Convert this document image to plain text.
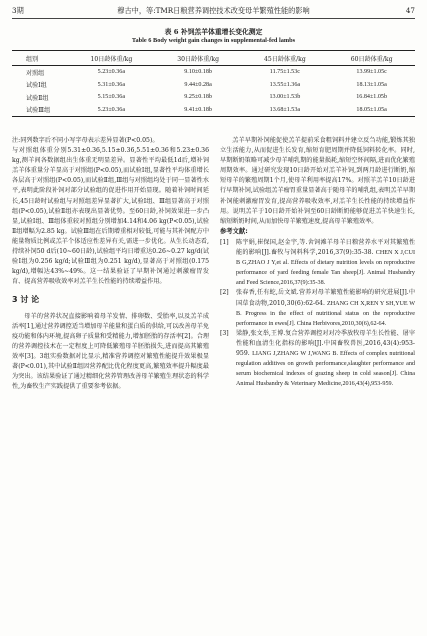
3期	穆古中，等:TMR日粮营养调控技术改变母羊繁殖性能的影响	47
表 6 补饲羔羊体重增长变化测定
Table 6 Body weight gain changes in supplemental-fed lambs
组别	10日龄体重/kg	30日龄体重/kg	45日龄体重/kg	60日龄体重/kg
对照组	5.23±0.36a	9.10±0.18b	11.75±1.53c	13.99±1.05c
试验Ⅰ组	5.31±0.36a	9.44±0.28a	13.55±1.36a	18.13±1.05a
试验Ⅱ组	5.15±0.36a	9.25±0.18b	13.00±1.53b	16.84±1.05b
试验Ⅲ组	5.23±0.36a	9.41±0.18b	13.68±1.53a	18.05±1.05a

注:同列数字后不同小写字母表示差异显著(P<0.05)。

与对照组体重分别5.31±0.36,5.15±0.36,5.51±0.36和5.23±0.36 kg,测羊间各数据组出生体重无明显差异。显著性平均最低1d后,增补饲羔羊体重量分羊显高于对照组(P<0.05),而试验Ⅰ组,显著性平均体重增长各层高于对照组(P<0.05),而试验Ⅱ组,Ⅲ组与对照组均处于同一显著性水平,表明此阶段补饲对部分试验组的促进作用开始显现。随着补饲时间延长,45日龄时试验组与对照组差异显著扩大,试验Ⅰ组、Ⅲ组显著高于对照组(P<0.05),试验Ⅱ组亦表现出显著优势。至60日龄,补饲效果进一步凸显,试验Ⅰ组、Ⅲ组体重较对照组分别增加4.14和4.06 kg(P<0.05),试验Ⅱ组增幅为2.85 kg。试验Ⅲ组在后期增重相对较低,可能与其补饲配方中能量物质比例或羔羊个体适应性差异有关,需进一步优化。从生长动态看,持续补饲50 d后(10~60日龄),试验组平均日增重达0.26~0.27 kg/d(试验Ⅰ组为0.256 kg/d;试验Ⅲ组为0.251 kg/d),显著高于对照组(0.175 kg/d),增幅达43%~49%。这一结果验证了早期补饲通过刺激瘤胃发育、提高营养吸收效率对羔羊生长性能的持续增益作用。

3 讨 论

母羊的营养状况直接影响着母羊发情、排卵数、受胎率,以及羔羊成活率[1],通过营养调控适当增加母羊能量和蛋白质的供给,可以改善母羊免疫功能和体内环境,提高卵子质量和受精能力,增加胚胎的存活率[2]。合理的营养调控技术在一定程度上可降低繁殖母羊胚胎损失,进而提高其繁殖效率[3]。3组实验数据对比显示,精准营养调控对繁殖性能提升效果极显著(P<0.01),其中试验Ⅱ组因营养配比优化程度更高,繁殖效率提升幅度最为突出。该结果验证了通过精细化营养管理改善母羊繁殖生理状态的科学性,为畜牧生产实践提供了重要参考依据。

羔羊早期补饲能促使羔羊提前采食粗饲料并建立反刍功能,锻炼其独立生活能力,从而促进生长发育,缩短育肥周期并降低饲料转化率。同时,早期断奶策略可减少母羊哺乳期的能量损耗,缩短空怀间隔,进而优化繁殖周期效率。通过研究发现10日龄开始对羔羊补饲,到两月龄进行断奶,缩短母羊的繁殖周期1个月,使母羊利用率提高17%。对照羊羔羊10日龄进行早期补饲,试验组羔羊瘤胃重量显著高于随母羊的哺乳组,表明羔羊早期补饲能刺激瘤胃发育,提高营养吸收效率,对羔羊生长性能的持续增益作用。说明羔羊于10日龄开始补饲至60日龄断奶能够促进羔羊快速生长,缩短断奶时间,从而加快母羊繁殖速度,提高母羊繁殖效率。

参考文献:
[1]	陈宇娟,崔保国,赵金宇,等.舍饲滩羊母羊日粮营养水平对其繁殖性能的影响[J].畜牧与饲料科学,2016,37(9):35-38. CHEN X J,CUI B G,ZHAO J Y,et al. Effects of dietary nutrition levels on reproductive performance of yard feeding female Tan sheep[J]. Animal Husbandry and Feed Science,2016,37(9):35-38.
[2]	张春香,任有蛇,岳文斌.营养对母羊繁殖性能影响的研究进展[J].中国草食动物,2010,30(6):62-64. ZHANG CH X,REN Y SH,YUE W B. Progress in the effect of nutritional status on the reproductive performance in ewes[J]. China Herbivores,2010,30(6),62-64.
[3]	梁静,张文举,王博.复合营养调控对对冷季放牧母羊生长性能、屠宰性能和血清生化指标的影响[J].中国畜牧兽医,2016,43(4):953-959. LIANG J,ZHANG W J,WANG B. Effects of complex nutritional regulation additives on growth performance,slaughter performance and serum biochemical indexes of grazing sheep in cold season[J]. China Animal Husbandry & Veterinary Medicine,2016,43(4),953-959.
